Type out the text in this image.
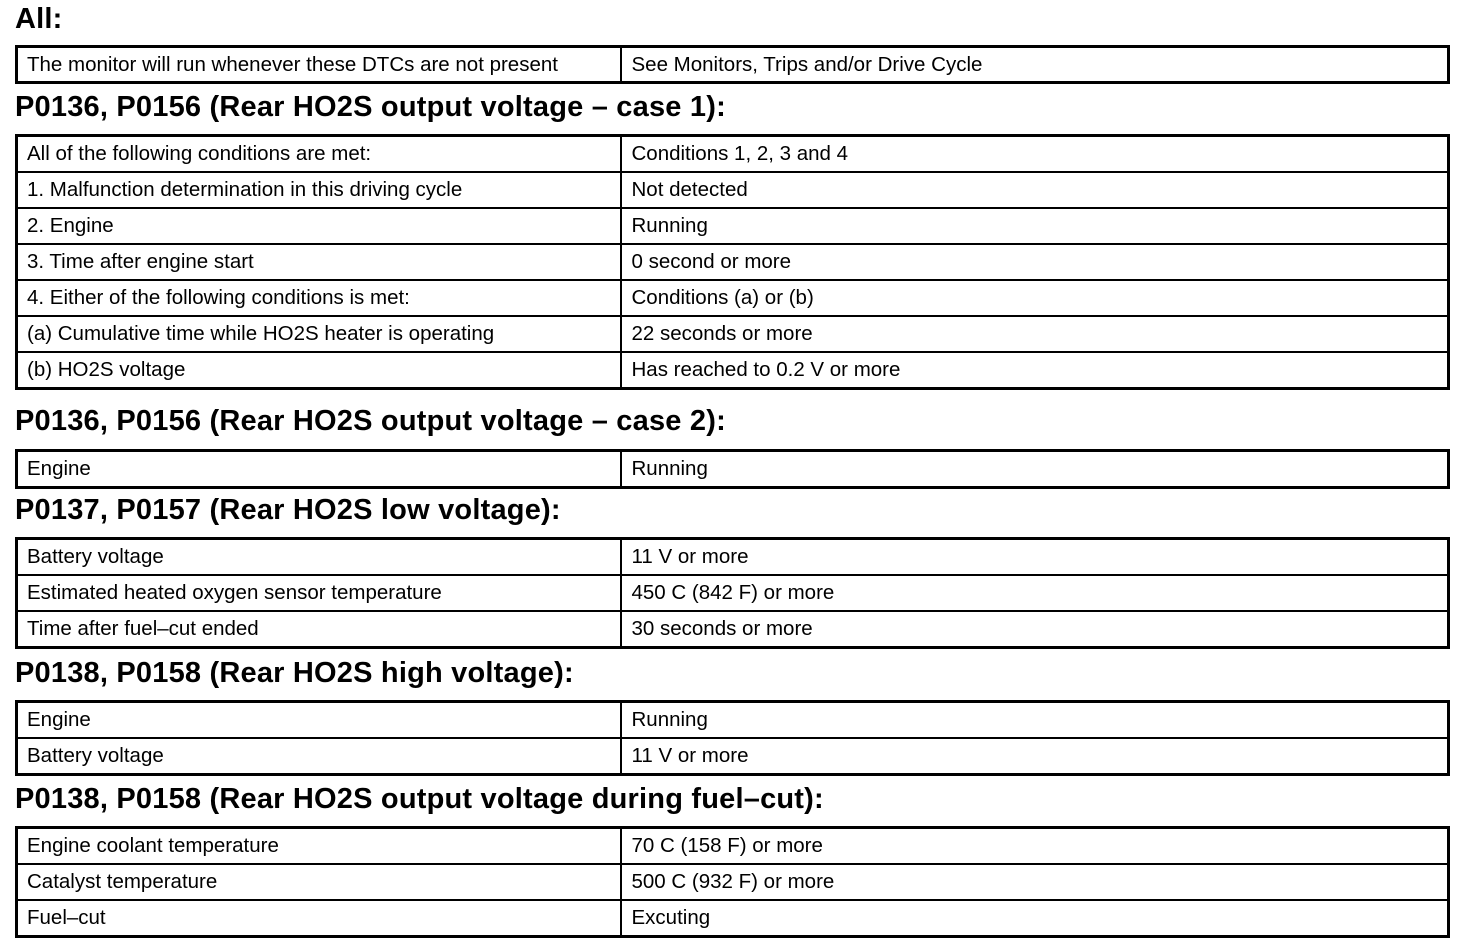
All:
The monitor will run whenever these DTCs are not present	See Monitors, Trips and/or Drive Cycle
P0136, P0156 (Rear HO2S output voltage – case 1):
All of the following conditions are met:	Conditions 1, 2, 3 and 4
1. Malfunction determination in this driving cycle	Not detected
2. Engine	Running
3. Time after engine start	0 second or more
4. Either of the following conditions is met:	Conditions (a) or (b)
(a) Cumulative time while HO2S heater is operating	22 seconds or more
(b) HO2S voltage	Has reached to 0.2 V or more
P0136, P0156 (Rear HO2S output voltage – case 2):
Engine	Running
P0137, P0157 (Rear HO2S low voltage):
Battery voltage	11 V or more
Estimated heated oxygen sensor temperature	450 C (842 F) or more
Time after fuel–cut ended	30 seconds or more
P0138, P0158 (Rear HO2S high voltage):
Engine	Running
Battery voltage	11 V or more
P0138, P0158 (Rear HO2S output voltage during fuel–cut):
Engine coolant temperature	70 C (158 F) or more
Catalyst temperature	500 C (932 F) or more
Fuel–cut	Excuting
